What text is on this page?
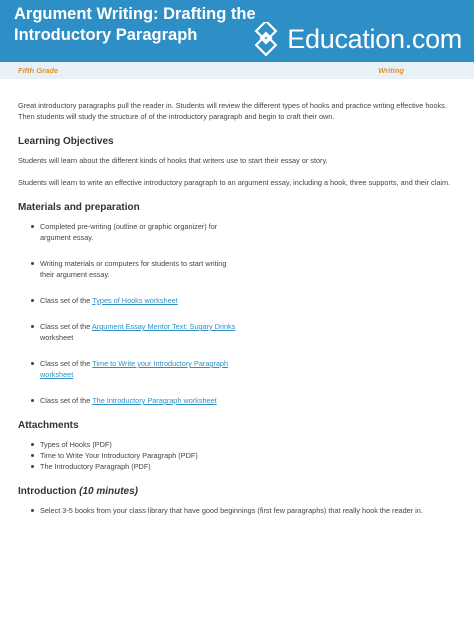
Argument Writing: Drafting the Introductory Paragraph	Education.com
Fifth Grade	Writing

Great introductory paragraphs pull the reader in. Students will review the different types of hooks and practice writing effective hooks. Then students will study the structure of of the introductory paragraph and begin to craft their own.

Learning Objectives

Students will learn about the different kinds of hooks that writers use to start their essay or story.

Students will learn to write an effective introductory paragraph to an argument essay, including a hook, three supports, and their claim.

Materials and preparation
Completed pre-writing (outline or graphic organizer) for argument essay.
Writing materials or computers for students to start writing their argument essay.
Class set of the Types of Hooks worksheet
Class set of the Argument Essay Mentor Text: Sugary Drinks worksheet
Class set of the Time to Write your Introductory Paragraph worksheet
Class set of the The Introductory Paragraph worksheet
Attachments
Types of Hooks (PDF)
Time to Write Your Introductory Paragraph (PDF)
The Introductory Paragraph (PDF)
Introduction (10 minutes)
Select 3-5 books from your class library that have good beginnings (first few paragraphs) that really hook the reader in.
